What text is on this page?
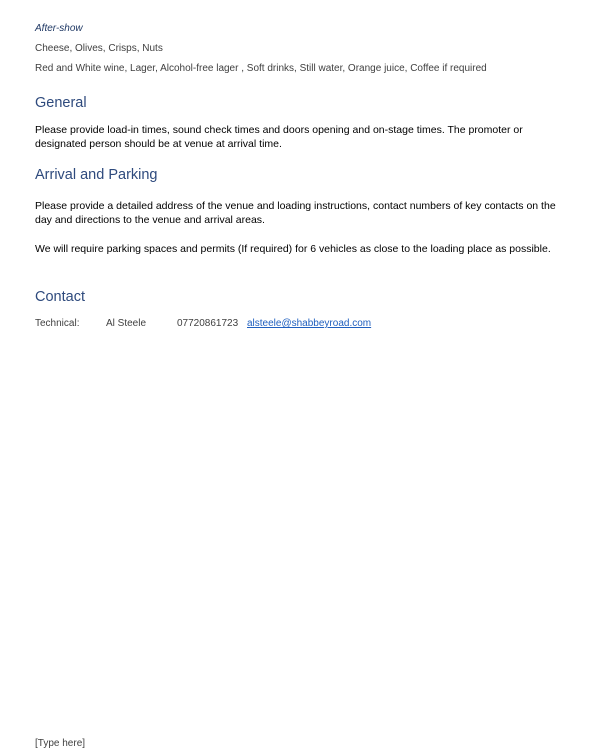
After-show
Cheese, Olives, Crisps, Nuts
Red and White wine, Lager, Alcohol-free lager , Soft drinks, Still water, Orange juice, Coffee if required
General
Please provide load-in times, sound check times and doors opening and on-stage times. The promoter or designated person should be at venue at arrival time.
Arrival and Parking
Please provide a detailed address of the venue and loading instructions, contact numbers of key contacts on the day and directions to the venue and arrival areas.
We will require parking spaces and permits (If required) for 6 vehicles as close to the loading place as possible.
Contact
Technical:	Al Steele	07720861723 alsteele@shabbeyroad.com
[Type here]
